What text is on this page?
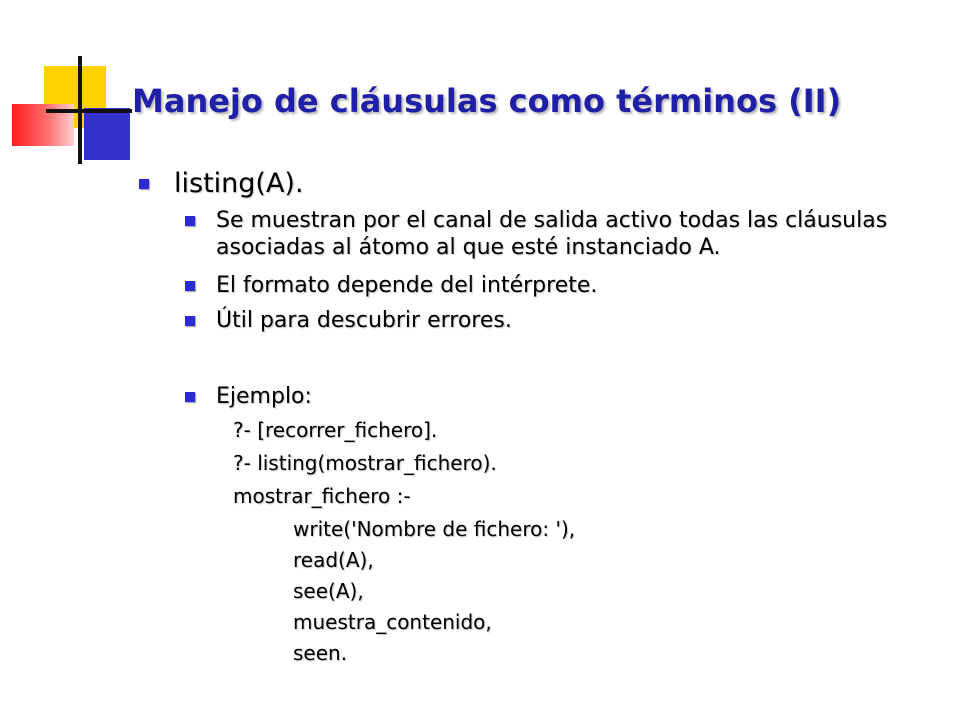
Manejo de cláusulas como términos (II)
listing(A).
Se muestran por el canal de salida activo todas las cláusulas
asociadas al átomo al que esté instanciado A.
El formato depende del intérprete.
Útil para descubrir errores.
Ejemplo:
?- [recorrer_fichero].
?- listing(mostrar_fichero).
mostrar_fichero :-
write('Nombre de fichero: '),
read(A),
see(A),
muestra_contenido,
seen.
